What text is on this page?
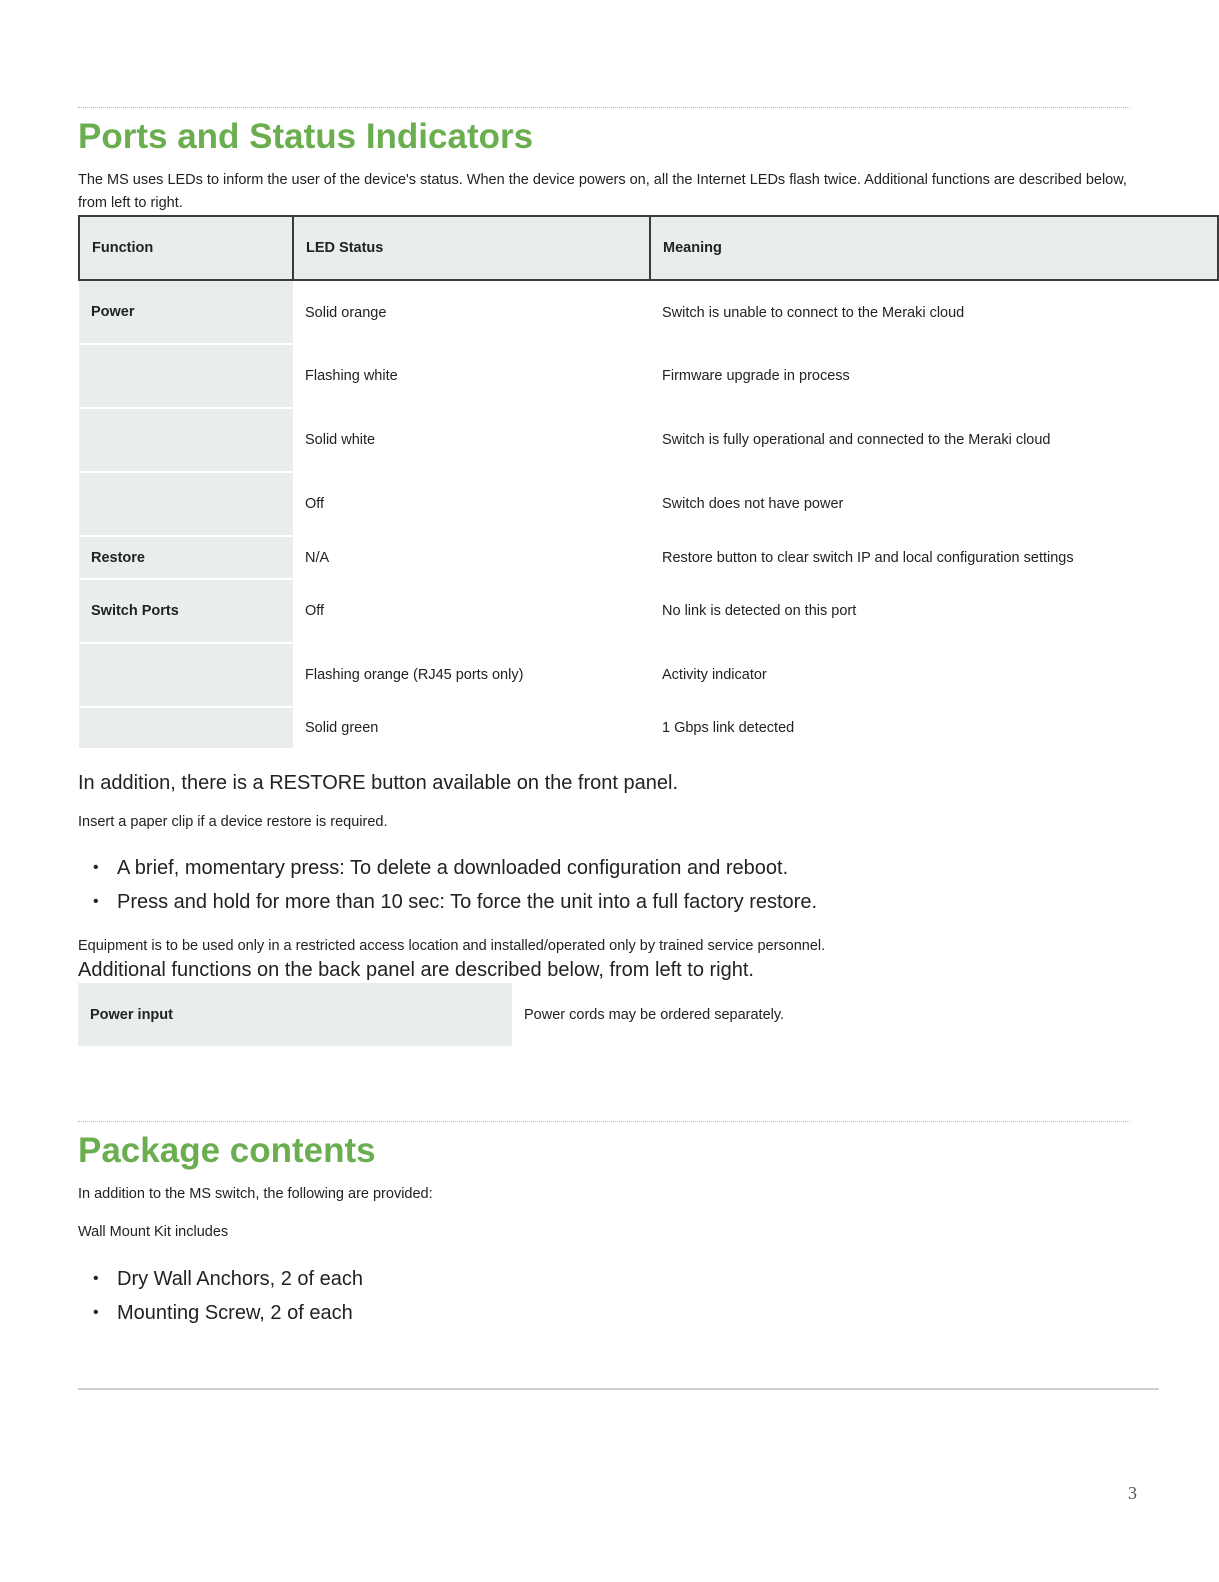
Ports and Status Indicators

The MS uses LEDs to inform the user of the device's status. When the device powers on, all the Internet LEDs flash twice. Additional functions are described below, from left to right.

Function	LED Status	Meaning
Power	Solid orange	Switch is unable to connect to the Meraki cloud
	Flashing white	Firmware upgrade in process
	Solid white	Switch is fully operational and connected to the Meraki cloud
	Off	Switch does not have power
Restore	N/A	Restore button to clear switch IP and local configuration settings
Switch Ports	Off	No link is detected on this port
	Flashing orange (RJ45 ports only)	Activity indicator
	Solid green	1 Gbps link detected

In addition, there is a RESTORE button available on the front panel.

Insert a paper clip if a device restore is required.

• A brief, momentary press: To delete a downloaded configuration and reboot.
• Press and hold for more than 10 sec: To force the unit into a full factory restore.

Equipment is to be used only in a restricted access location and installed/operated only by trained service personnel.

Additional functions on the back panel are described below, from left to right.

Power input	Power cords may be ordered separately.
Package contents

In addition to the MS switch, the following are provided:

Wall Mount Kit includes

• Dry Wall Anchors, 2 of each
• Mounting Screw, 2 of each
3
